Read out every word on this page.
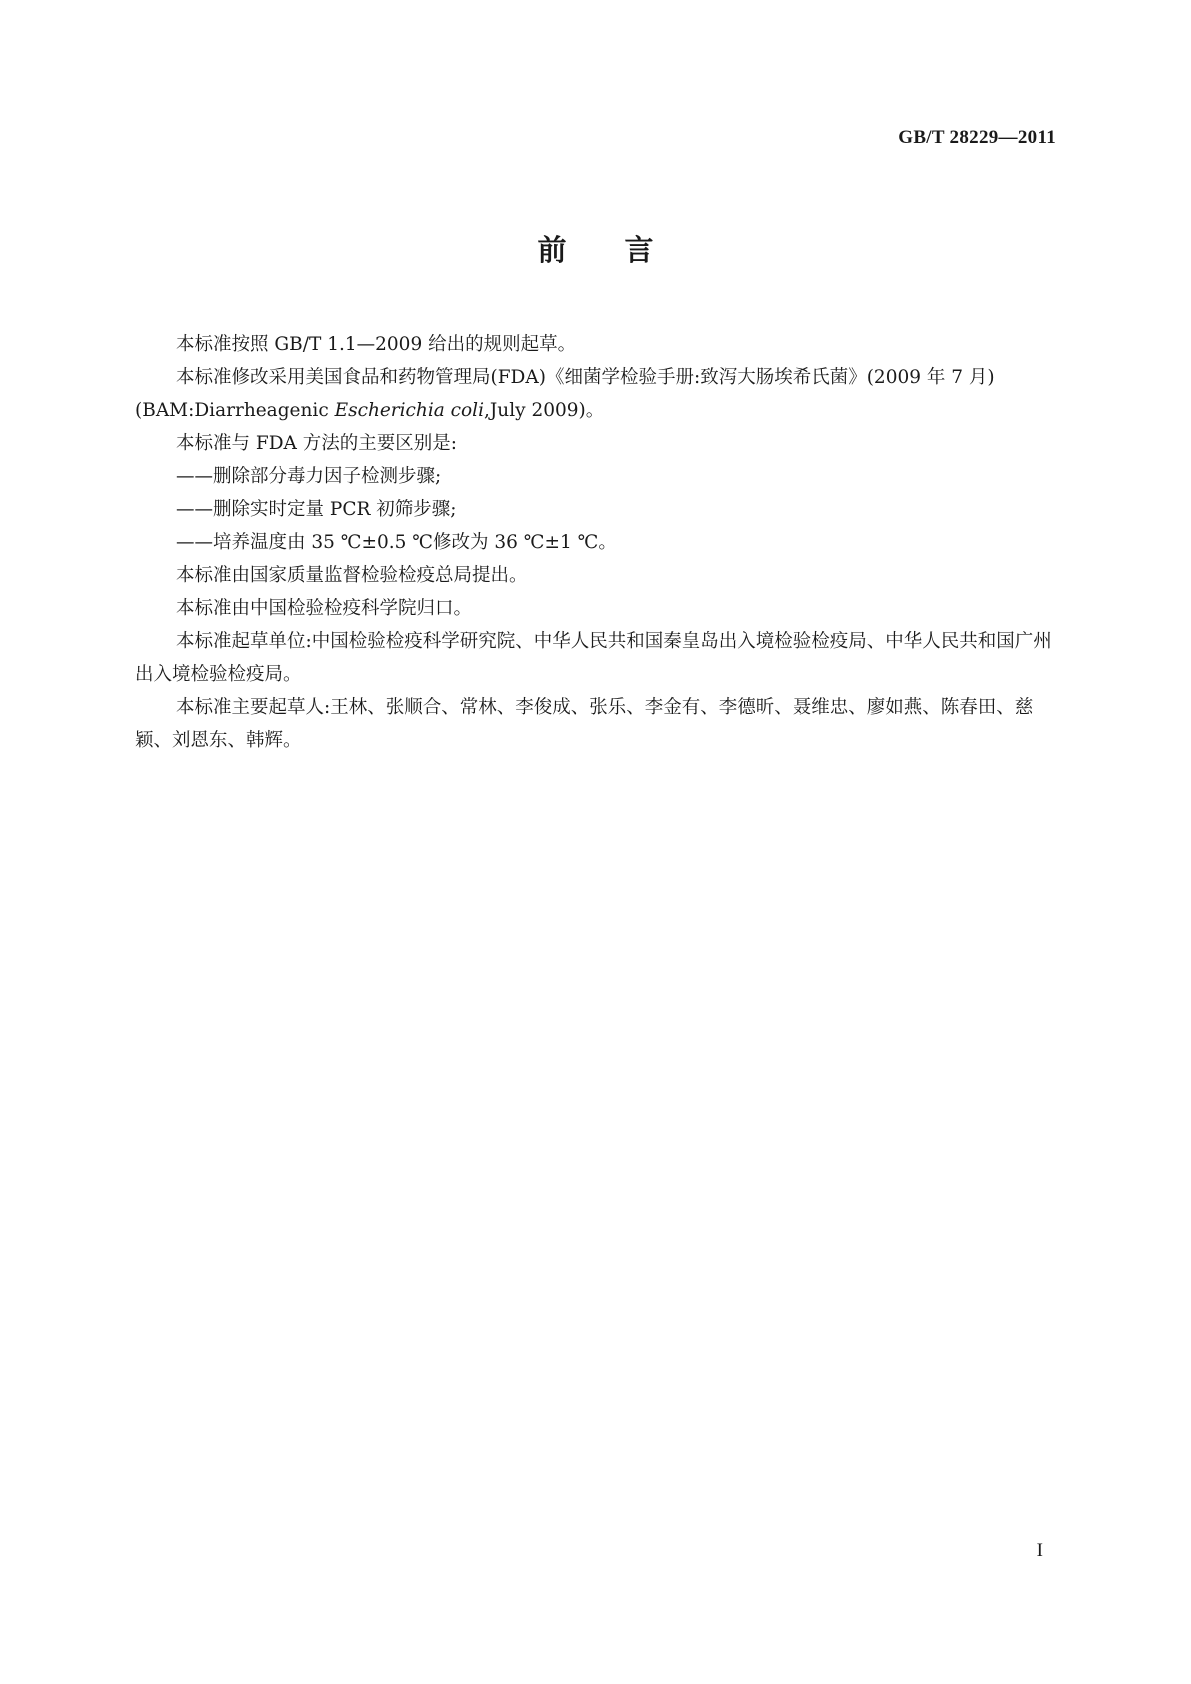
GB/T 28229—2011
前言

本标准按照 GB/T 1.1—2009 给出的规则起草。

本标准修改采用美国食品和药物管理局(FDA)《细菌学检验手册:致泻大肠埃希氏菌》(2009 年 7 月)(BAM:Diarrheagenic Escherichia coli,July 2009)。

本标准与 FDA 方法的主要区别是:

——删除部分毒力因子检测步骤;

——删除实时定量 PCR 初筛步骤;

——培养温度由 35 ℃±0.5 ℃修改为 36 ℃±1 ℃。

本标准由国家质量监督检验检疫总局提出。

本标准由中国检验检疫科学院归口。

本标准起草单位:中国检验检疫科学研究院、中华人民共和国秦皇岛出入境检验检疫局、中华人民共和国广州出入境检验检疫局。

本标准主要起草人:王林、张顺合、常林、李俊成、张乐、李金有、李德昕、聂维忠、廖如燕、陈春田、慈颖、刘恩东、韩辉。

I
